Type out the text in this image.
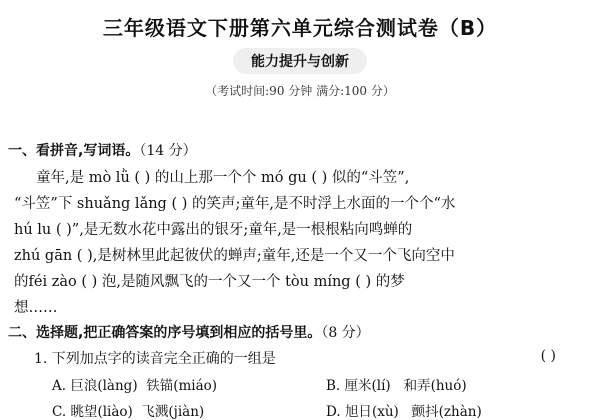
三年级语文下册第六单元综合测试卷（B）
能力提升与创新
（考试时间:90 分钟 满分:100 分）
一、看拼音,写词语。（14 分）
童年,是 mò lǜ ( ) 的山上那一个个 mó gu ( ) 似的“斗笠”,
“斗笠”下 shuǎng lǎng ( ) 的笑声;童年,是不时浮上水面的一个个“水
hú lu ( )”,是无数水花中露出的银牙;童年,是一根根粘向鸣蝉的
zhú gān ( ),是树林里此起彼伏的蝉声;童年,还是一个又一个飞向空中
的féi zào ( ) 泡,是随风飘飞的一个又一个 tòu míng ( ) 的梦
想……
二、选择题,把正确答案的序号填到相应的括号里。（8 分）
1. 下列加点字的读音完全正确的一组是	( )
A. 巨浪(làng) 铁锚(miáo)	B. 厘米(lí) 和弄(huó)
C. 眺望(liào) 飞溅(jiàn)	D. 旭日(xù) 颤抖(zhàn)
